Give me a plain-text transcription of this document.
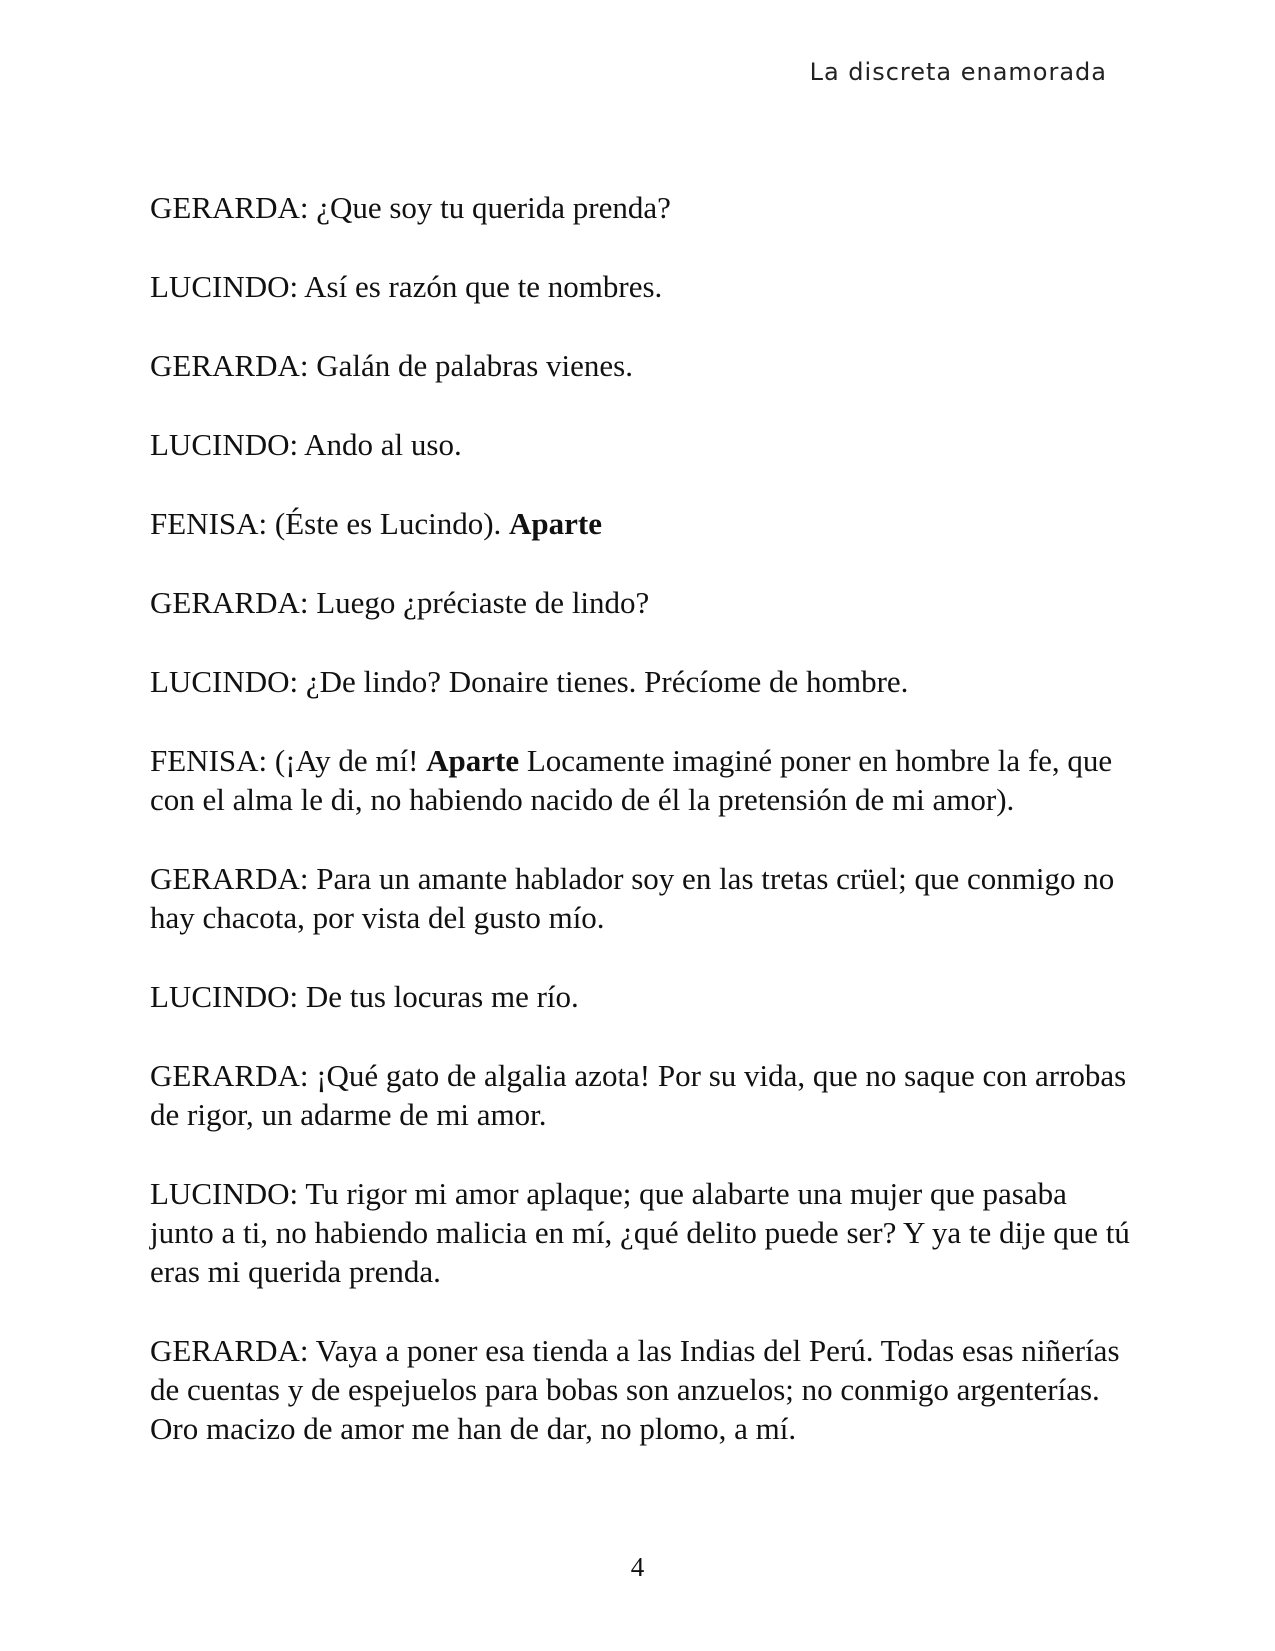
La discreta enamorada

GERARDA: ¿Que soy tu querida prenda?

LUCINDO: Así es razón que te nombres.

GERARDA: Galán de palabras vienes.

LUCINDO: Ando al uso.

FENISA: (Éste es Lucindo). Aparte

GERARDA: Luego ¿préciaste de lindo?

LUCINDO: ¿De lindo? Donaire tienes. Précíome de hombre.

FENISA: (¡Ay de mí! Aparte Locamente imaginé poner en hombre la fe, que con el alma le di, no habiendo nacido de él la pretensión de mi amor).

GERARDA: Para un amante hablador soy en las tretas crüel; que conmigo no hay chacota, por vista del gusto mío.

LUCINDO: De tus locuras me río.

GERARDA: ¡Qué gato de algalia azota! Por su vida, que no saque con arrobas de rigor, un adarme de mi amor.

LUCINDO: Tu rigor mi amor aplaque; que alabarte una mujer que pasaba junto a ti, no habiendo malicia en mí, ¿qué delito puede ser? Y ya te dije que tú eras mi querida prenda.

GERARDA: Vaya a poner esa tienda a las Indias del Perú. Todas esas niñerías de cuentas y de espejuelos para bobas son anzuelos; no conmigo argenterías. Oro macizo de amor me han de dar, no plomo, a mí.

4
